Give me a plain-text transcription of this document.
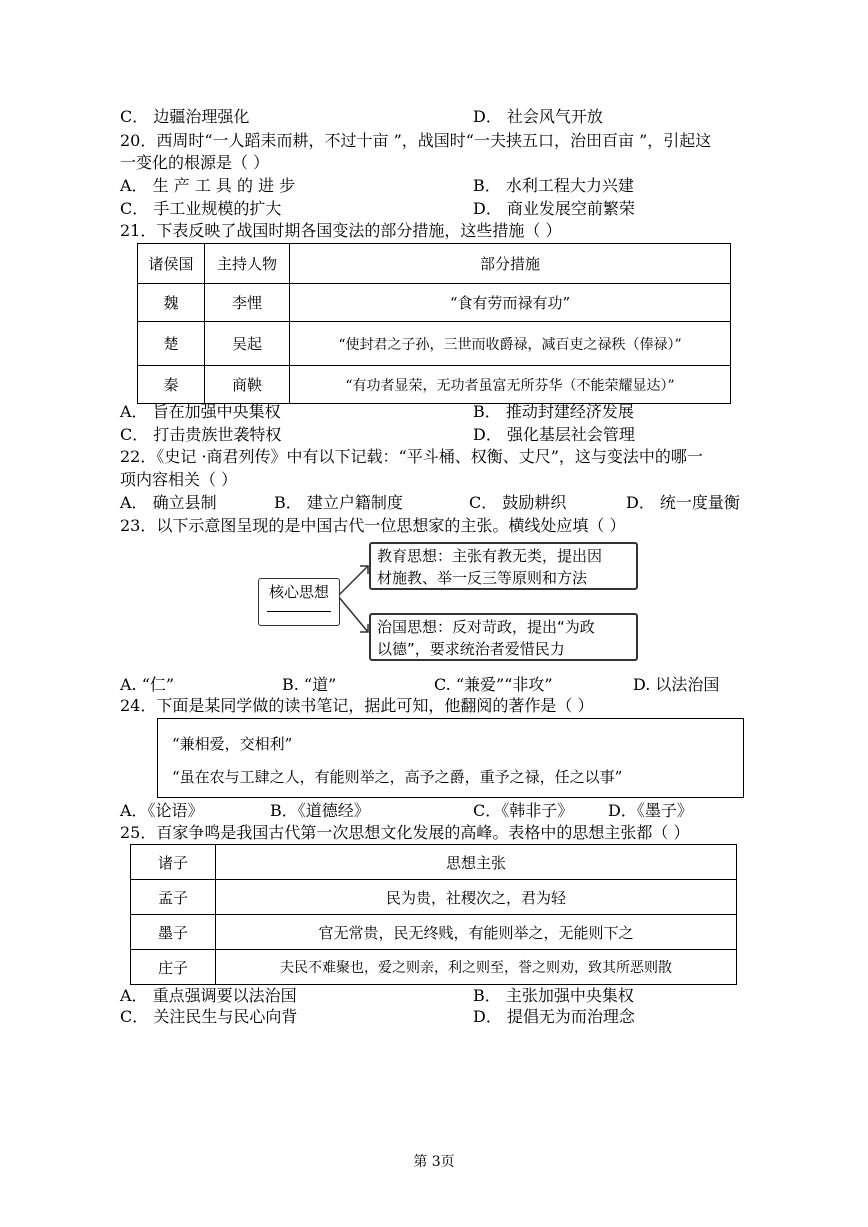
C． 边疆治理强化	D． 社会风气开放
20．西周时“一人蹈耒而耕，不过十亩 ”，战国时“一夫挟五口，治田百亩 ”，引起这
一变化的根源是（ ）
A． 生 产 工 具 的 进 步	B． 水利工程大力兴建
C． 手工业规模的扩大	D． 商业发展空前繁荣
21．下表反映了战国时期各国变法的部分措施，这些措施（ ）
诸侯国	主持人物	部分措施
魏	李悝	“食有劳而禄有功”
楚	吴起	“使封君之子孙，三世而收爵禄，减百吏之禄秩（俸禄）”
秦	商鞅	“有功者显荣，无功者虽富无所芬华（不能荣耀显达）”
A． 旨在加强中央集权	B． 推动封建经济发展
C． 打击贵族世袭特权	D． 强化基层社会管理
22．《史记 ·商君列传》中有以下记载：“平斗桶、权衡、丈尺”，这与变法中的哪一
项内容相关（ ）
A． 确立县制	B． 建立户籍制度	C． 鼓励耕织	D． 统一度量衡
23．以下示意图呈现的是中国古代一位思想家的主张。横线处应填（ ）
核心思想
教育思想：主张有教无类，提出因
材施教、举一反三等原则和方法
治国思想：反对苛政，提出“为政
以德”，要求统治者爱惜民力
A. “仁”	B. “道”	C. “兼爱”“非攻”	D. 以法治国
24．下面是某同学做的读书笔记，据此可知，他翻阅的著作是（ ）
“兼相爱，交相利”
“虽在农与工肆之人，有能则举之，高予之爵，重予之禄，任之以事”
A．《论语》	B．《道德经》	C．《韩非子》 D．《墨子》
25．百家争鸣是我国古代第一次思想文化发展的高峰。表格中的思想主张都（ ）
诸子	思想主张
孟子	民为贵，社稷次之，君为轻
墨子	官无常贵，民无终贱，有能则举之，无能则下之
庄子	夫民不难聚也，爱之则亲，利之则至，誉之则劝，致其所恶则散
A． 重点强调要以法治国	B． 主张加强中央集权
C． 关注民生与民心向背	D． 提倡无为而治理念
第 3页
